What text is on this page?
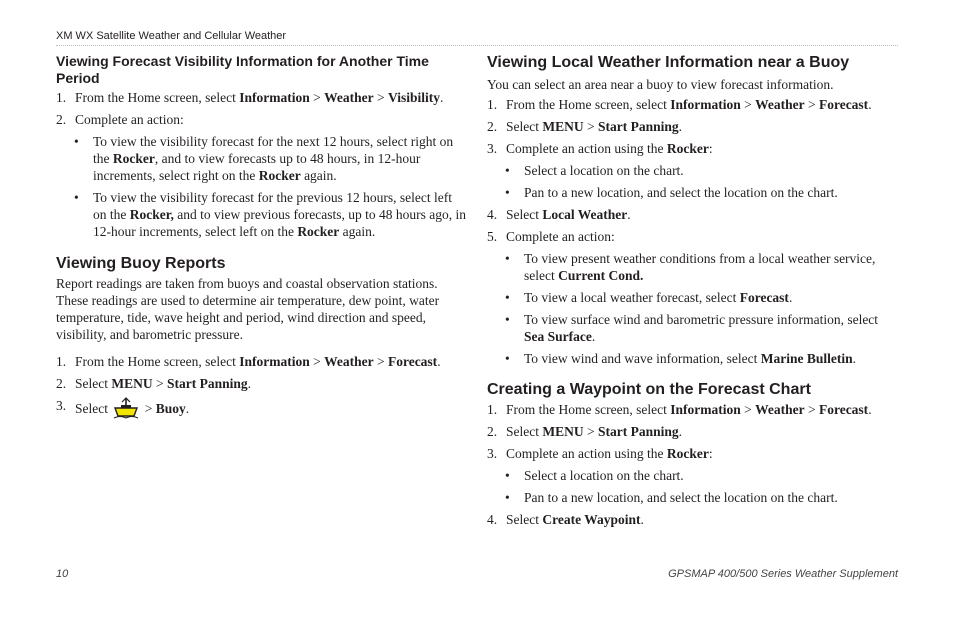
XM WX Satellite Weather and Cellular Weather
Viewing Forecast Visibility Information for Another Time Period
1. From the Home screen, select Information > Weather > Visibility.
2. Complete an action:
• To view the visibility forecast for the next 12 hours, select right on the Rocker, and to view forecasts up to 48 hours, in 12-hour increments, select right on the Rocker again.
• To view the visibility forecast for the previous 12 hours, select left on the Rocker, and to view previous forecasts, up to 48 hours ago, in 12-hour increments, select left on the Rocker again.
Viewing Buoy Reports

Report readings are taken from buoys and coastal observation stations. These readings are used to determine air temperature, dew point, water temperature, tide, wave height and period, wind direction and speed, visibility, and barometric pressure.

1. From the Home screen, select Information > Weather > Forecast.
2. Select MENU > Start Panning.
3. Select  > Buoy.
Viewing Local Weather Information near a Buoy

You can select an area near a buoy to view forecast information.

1. From the Home screen, select Information > Weather > Forecast.
2. Select MENU > Start Panning.
3. Complete an action using the Rocker:
• Select a location on the chart.
• Pan to a new location, and select the location on the chart.
4. Select Local Weather.
5. Complete an action:
• To view present weather conditions from a local weather service, select Current Cond.
• To view a local weather forecast, select Forecast.
• To view surface wind and barometric pressure information, select Sea Surface.
• To view wind and wave information, select Marine Bulletin.
Creating a Waypoint on the Forecast Chart
1. From the Home screen, select Information > Weather > Forecast.
2. Select MENU > Start Panning.
3. Complete an action using the Rocker:
• Select a location on the chart.
• Pan to a new location, and select the location on the chart.
4. Select Create Waypoint.
10	GPSMAP 400/500 Series Weather Supplement
